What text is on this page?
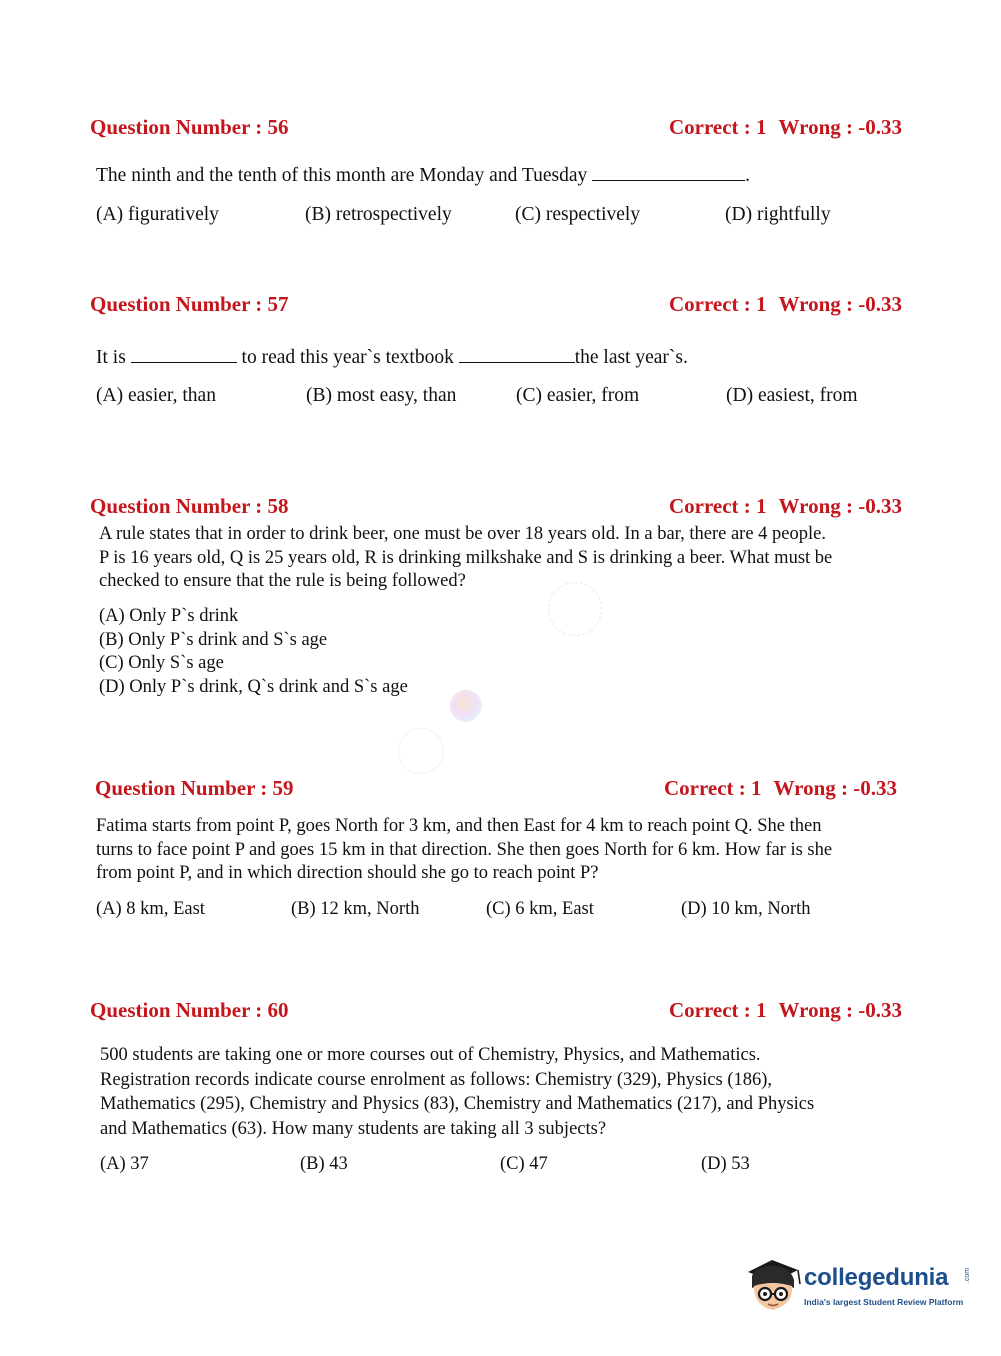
Question Number : 56	Correct : 1 Wrong : -0.33
The ninth and the tenth of this month are Monday and Tuesday	.
(A) figuratively	(B) retrospectively	(C) respectively	(D) rightfully
Question Number : 57	Correct : 1 Wrong : -0.33
It is	to read this year`s textbook	the last year`s.
(A) easier, than	(B) most easy, than	(C) easier, from	(D) easiest, from
Question Number : 58	Correct : 1 Wrong : -0.33
A rule states that in order to drink beer, one must be over 18 years old. In a bar, there are 4 people.
P is 16 years old, Q is 25 years old, R is drinking milkshake and S is drinking a beer. What must be
checked to ensure that the rule is being followed?
(A) Only P`s drink
(B) Only P`s drink and S`s age
(C) Only S`s age
(D) Only P`s drink, Q`s drink and S`s age
Question Number : 59	Correct : 1 Wrong : -0.33
Fatima starts from point P, goes North for 3 km, and then East for 4 km to reach point Q. She then
turns to face point P and goes 15 km in that direction. She then goes North for 6 km. How far is she
from point P, and in which direction should she go to reach point P?
(A) 8 km, East	(B) 12 km, North	(C) 6 km, East	(D) 10 km, North
Question Number : 60	Correct : 1 Wrong : -0.33
500 students are taking one or more courses out of Chemistry, Physics, and Mathematics.
Registration records indicate course enrolment as follows: Chemistry (329), Physics (186),
Mathematics (295), Chemistry and Physics (83), Chemistry and Mathematics (217), and Physics
and Mathematics (63). How many students are taking all 3 subjects?
(A) 37	(B) 43	(C) 47	(D) 53
collegedunia .com
India's largest Student Review Platform
